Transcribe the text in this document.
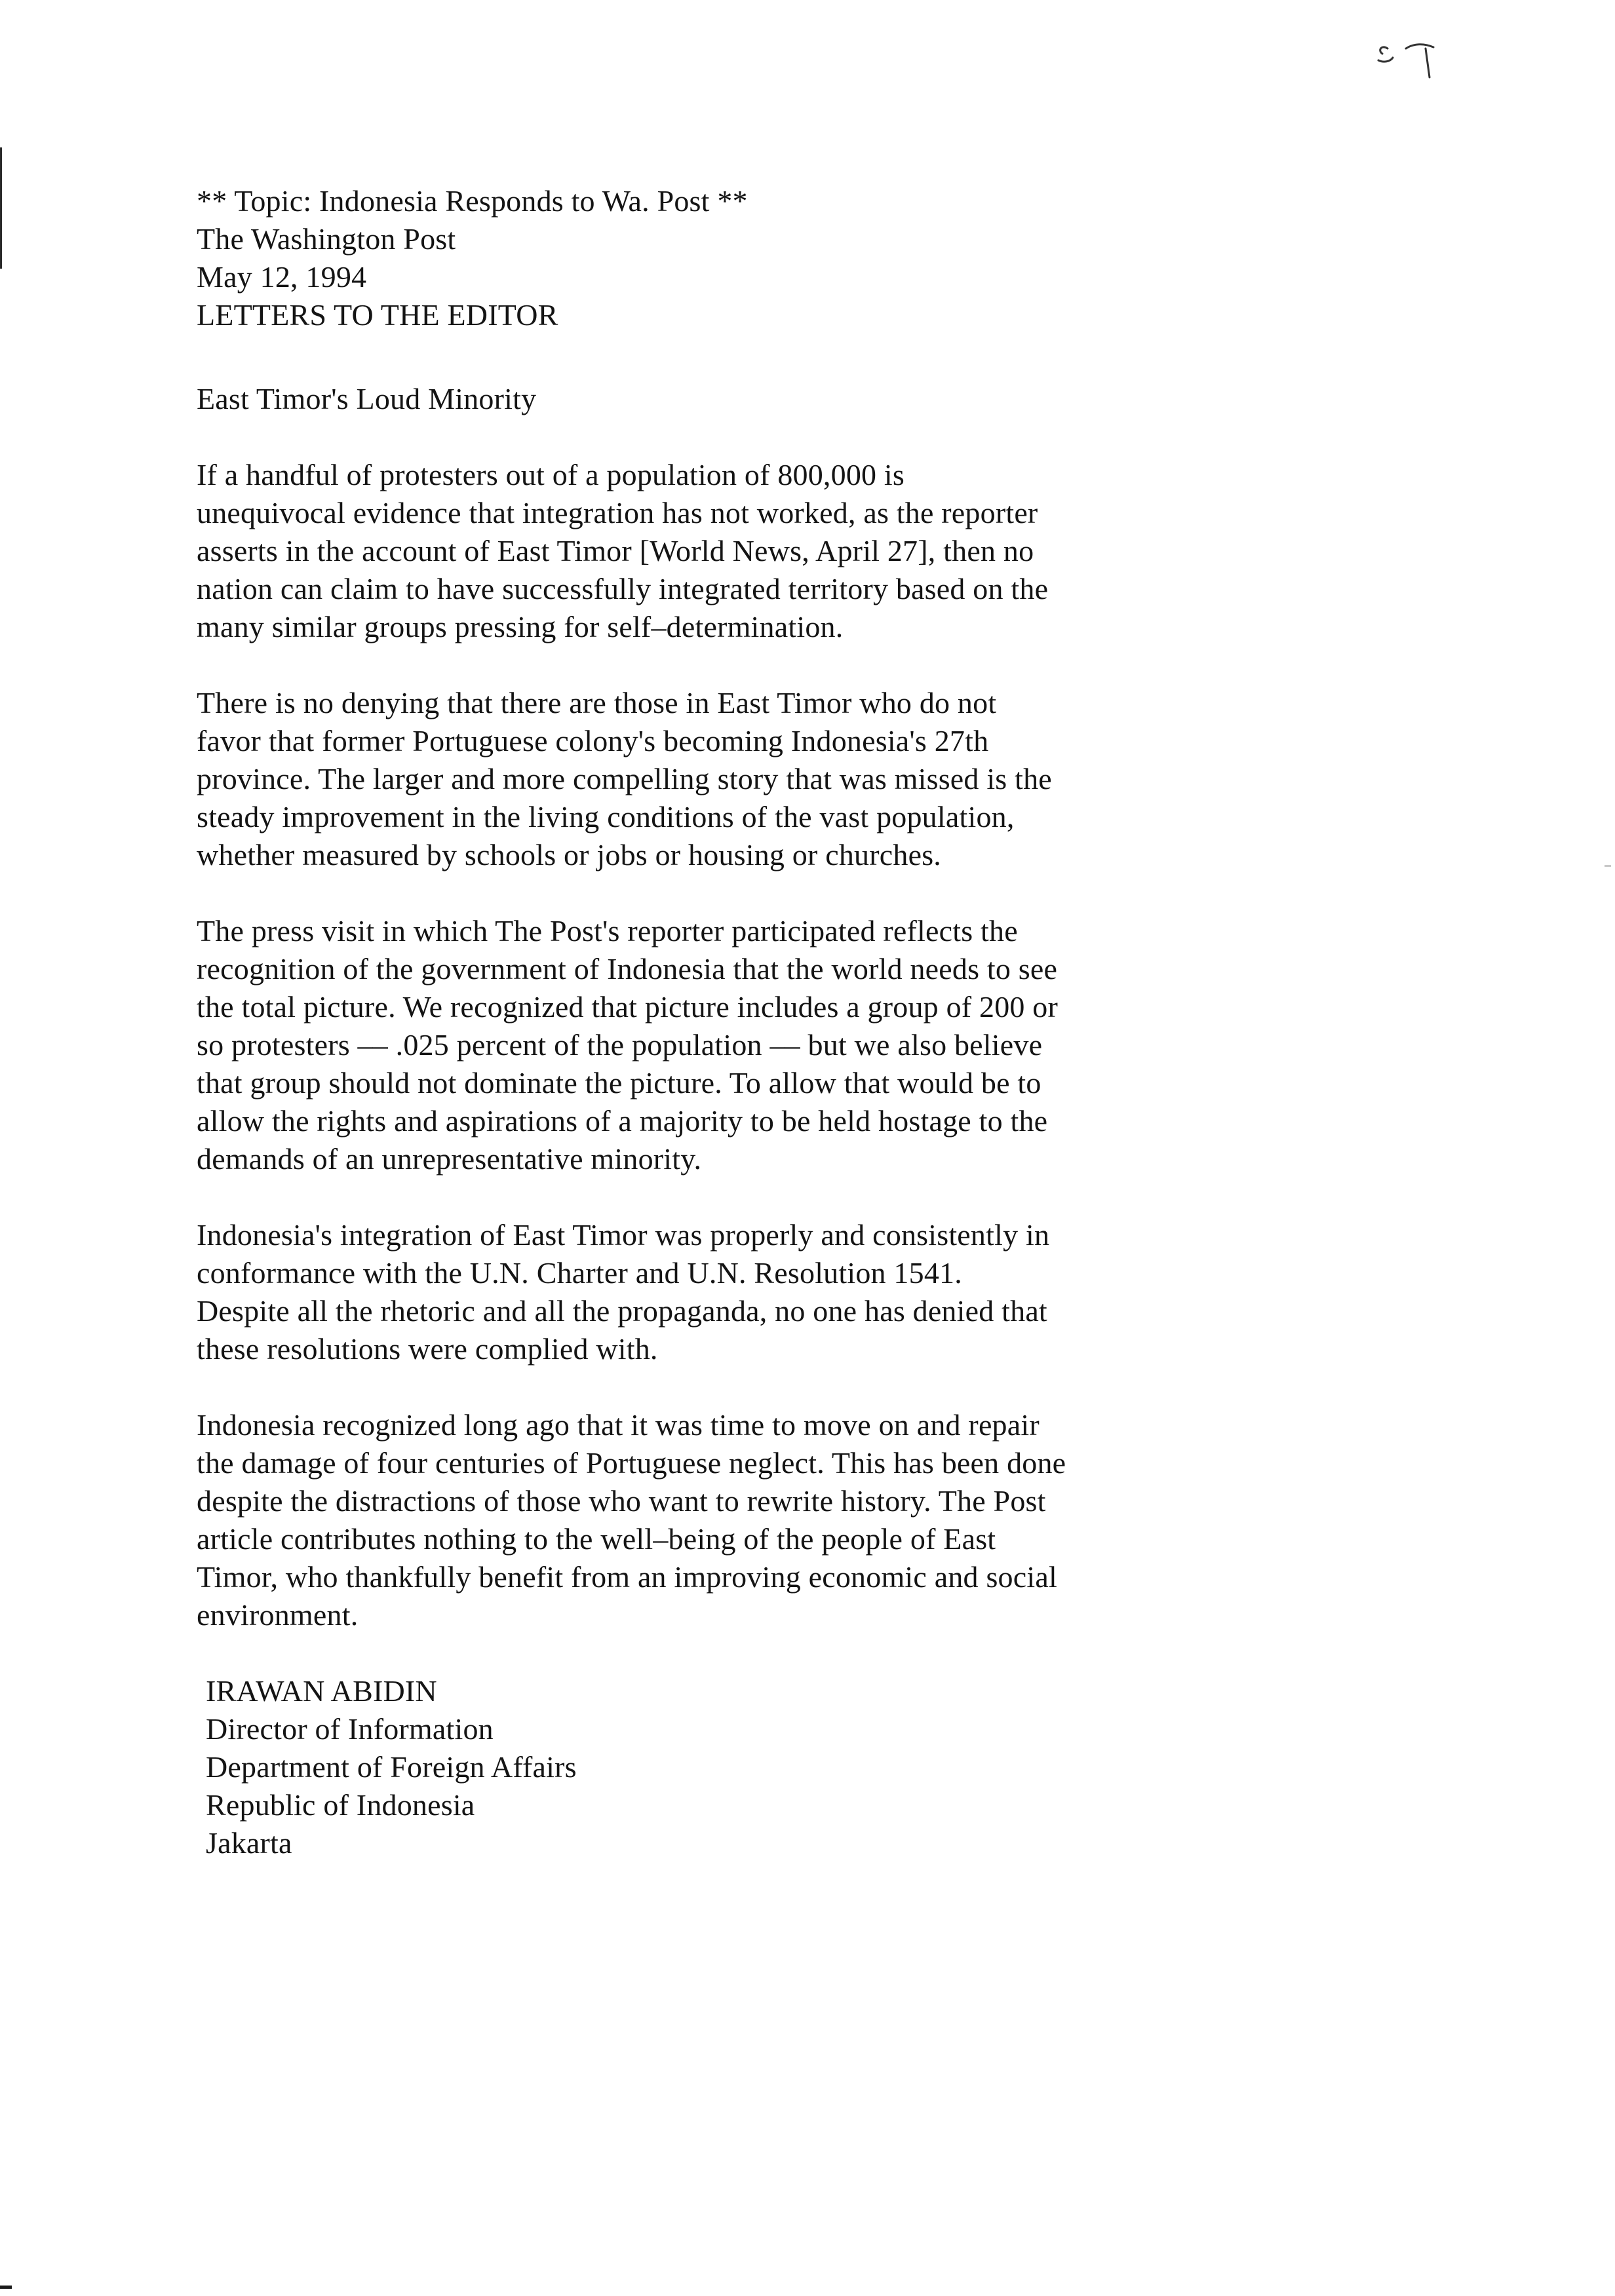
** Topic: Indonesia Responds to Wa. Post **
The Washington Post
May 12, 1994
LETTERS TO THE EDITOR
East Timor's Loud Minority
If a handful of protesters out of a population of 800,000 is
unequivocal evidence that integration has not worked, as the reporter
asserts in the account of East Timor [World News, April 27], then no
nation can claim to have successfully integrated territory based on the
many similar groups pressing for self–determination.
There is no denying that there are those in East Timor who do not
favor that former Portuguese colony's becoming Indonesia's 27th
province. The larger and more compelling story that was missed is the
steady improvement in the living conditions of the vast population,
whether measured by schools or jobs or housing or churches.
The press visit in which The Post's reporter participated reflects the
recognition of the government of Indonesia that the world needs to see
the total picture. We recognized that picture includes a group of 200 or
so protesters –– .025 percent of the population –– but we also believe
that group should not dominate the picture. To allow that would be to
allow the rights and aspirations of a majority to be held hostage to the
demands of an unrepresentative minority.
Indonesia's integration of East Timor was properly and consistently in
conformance with the U.N. Charter and U.N. Resolution 1541.
Despite all the rhetoric and all the propaganda, no one has denied that
these resolutions were complied with.
Indonesia recognized long ago that it was time to move on and repair
the damage of four centuries of Portuguese neglect. This has been done
despite the distractions of those who want to rewrite history. The Post
article contributes nothing to the well–being of the people of East
Timor, who thankfully benefit from an improving economic and social
environment.
IRAWAN ABIDIN
Director of Information
Department of Foreign Affairs
Republic of Indonesia
Jakarta
